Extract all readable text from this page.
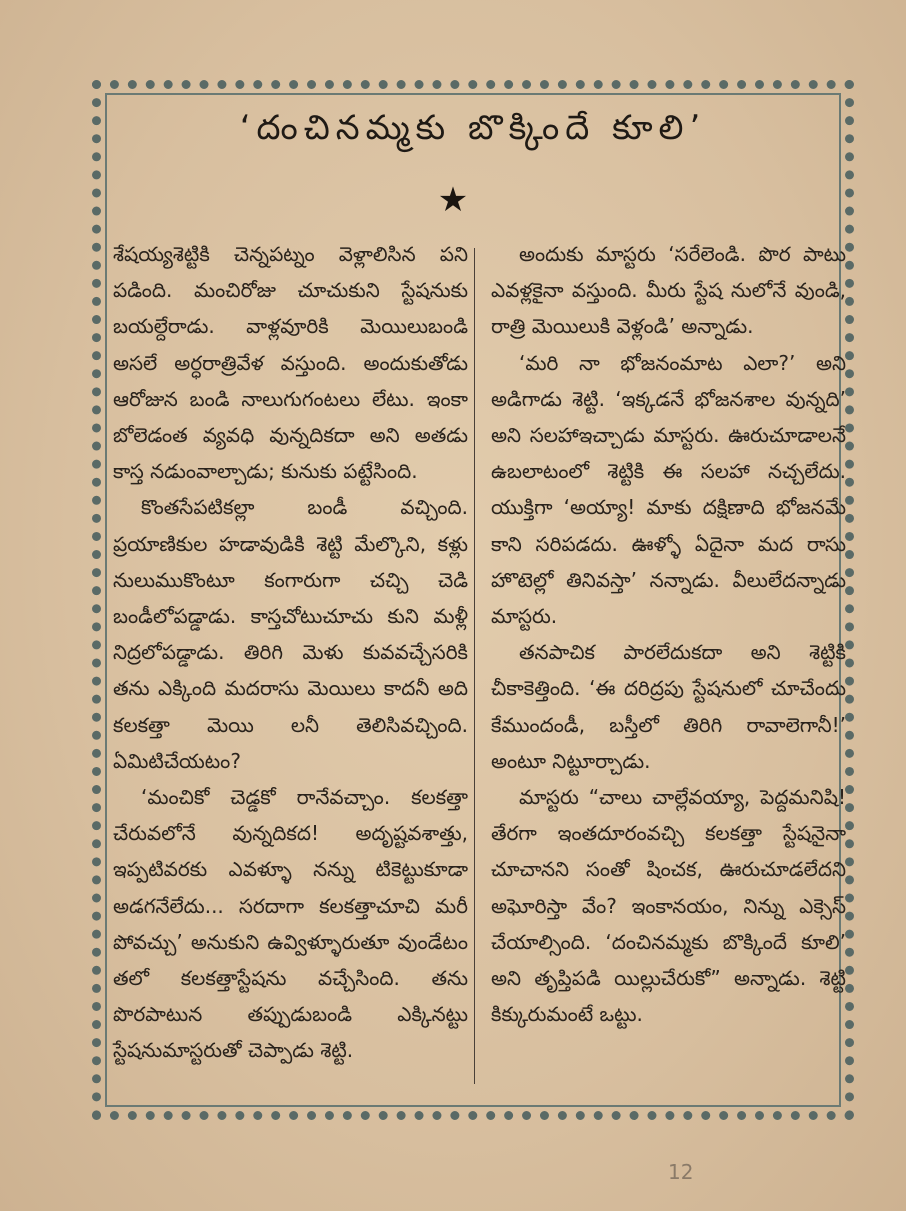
‘దంచినమ్మకు బొక్కిందే కూలి’
★

శేషయ్యశెట్టికి చెన్నపట్నం వెళ్లాలిసిన పని పడింది. మంచిరోజు చూచుకుని స్టేషనుకు బయల్దేరాడు. వాళ్లవూరికి మెయిలుబండి అసలే అర్ధరాత్రివేళ వస్తుంది. అందుకుతోడు ఆరోజున బండి నాలుగుగంటలు లేటు. ఇంకా బోలెడంత వ్యవధి వున్నదికదా అని అతడు కాస్త నడుంవాల్చాడు; కునుకు పట్టేసింది.

కొంతసేపటికల్లా బండీ వచ్చింది. ప్రయాణికుల హడావుడికి శెట్టి మేల్కొని, కళ్లు నులుముకొంటూ కంగారుగా చచ్చి చెడి బండీలోపడ్డాడు. కాస్తచోటుచూచు కుని మళ్లీ నిద్రలోపడ్డాడు. తిరిగి మెళు కువవచ్చేసరికి తను ఎక్కింది మదరాసు మెయిలు కాదనీ అది కలకత్తా మెయి లనీ తెలిసివచ్చింది. ఏమిటిచేయటం?

‘మంచికో చెడ్డకో రానేవచ్చాం. కలకత్తా చేరువలోనే వున్నదికద! అదృష్టవశాత్తు, ఇప్పటివరకు ఎవళ్ళూ నన్ను టికెట్టుకూడా అడగనేలేదు... సరదాగా కలకత్తాచూచి మరీ పోవచ్చు’ అనుకుని ఉవ్విళ్ళూరుతూ వుండేటం తలో కలకత్తాస్టేషను వచ్చేసింది. తను పొరపాటున తప్పుడుబండి ఎక్కినట్టు స్టేషనుమాస్టరుతో చెప్పాడు శెట్టి.

అందుకు మాస్టరు ‘సరేలెండి. పొర పాటు ఎవళ్లకైనా వస్తుంది. మీరు స్టేష నులోనే వుండి, రాత్రి మెయిలుకి వెళ్లండి’ అన్నాడు.

‘మరి నా భోజనంమాట ఎలా?’ అని అడిగాడు శెట్టి. ‘ఇక్కడనే భోజనశాల వున్నది’ అని సలహాఇచ్చాడు మాస్టరు. ఊరుచూడాలనే ఉబలాటంలో శెట్టికి ఈ సలహా నచ్చలేదు. యుక్తిగా ‘అయ్యా! మాకు దక్షిణాది భోజనమే కాని సరిపడదు. ఊళ్ళో ఏదైనా మద రాసు హొటెల్లో తినివస్తా’ నన్నాడు. వీలులేదన్నాడు మాస్టరు.

తనపాచిక పారలేదుకదా అని శెట్టికి చీకాకెత్తింది. ‘ఈ దరిద్రపు స్టేషనులో చూచేందు కేముందండీ, బస్తీలో తిరిగి రావాలెగానీ!’ అంటూ నిట్టూర్చాడు.

మాస్టరు “చాలు చాల్లేవయ్యా, పెద్దమనిషి! తేరగా ఇంతదూరంవచ్చి కలకత్తా స్టేషనైనా చూచానని సంతో షించక, ఊరుచూడలేదని అఘోరిస్తా వేం? ఇంకానయం, నిన్ను ఎక్సెస్ చేయాల్సింది. ‘దంచినమ్మకు బొక్కిందే కూలి’ అని తృప్తిపడి యిల్లుచేరుకో” అన్నాడు. శెట్టి కిక్కురుమంటే ఒట్టు.

12
